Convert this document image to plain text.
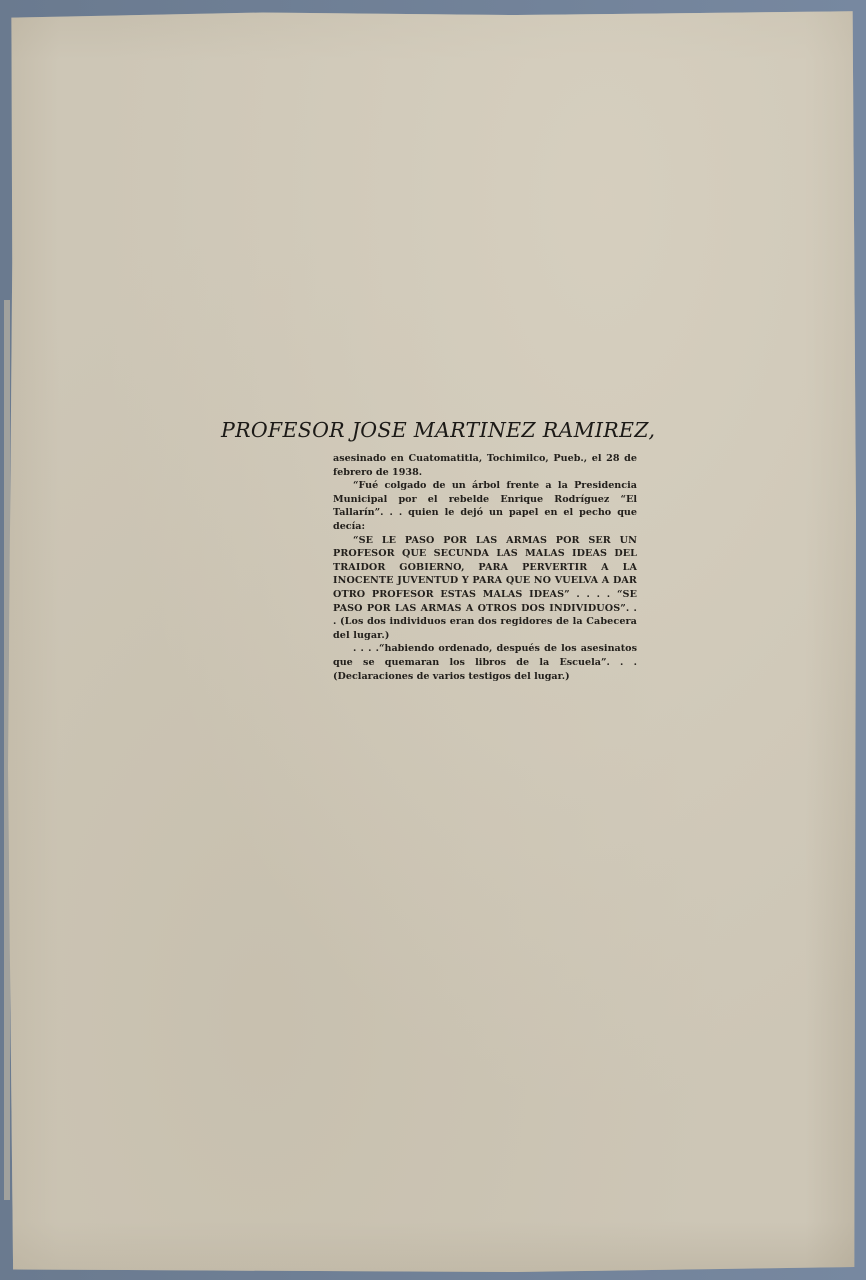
PROFESOR JOSE MARTINEZ RAMIREZ,

asesinado en Cuatomatitla, Tochimilco, Pueb., el 28 de febrero de 1938.

“Fué colgado de un árbol frente a la Presidencia Municipal por el rebelde Enrique Rodríguez “El Tallarín”. . . quien le dejó un papel en el pecho que decía:

“SE LE PASO POR LAS ARMAS POR SER UN PROFESOR QUE SECUNDA LAS MALAS IDEAS DEL TRAIDOR GOBIERNO, PARA PERVERTIR A LA INOCENTE JUVENTUD Y PARA QUE NO VUELVA A DAR OTRO PROFESOR ESTAS MALAS IDEAS” . . . . “SE PASO POR LAS ARMAS A OTROS DOS INDIVIDUOS”. . . (Los dos individuos eran dos regidores de la Cabecera del lugar.)

. . . .“habiendo ordenado, después de los asesinatos que se quemaran los libros de la Escuela”. . . (Declaraciones de varios testigos del lugar.)
